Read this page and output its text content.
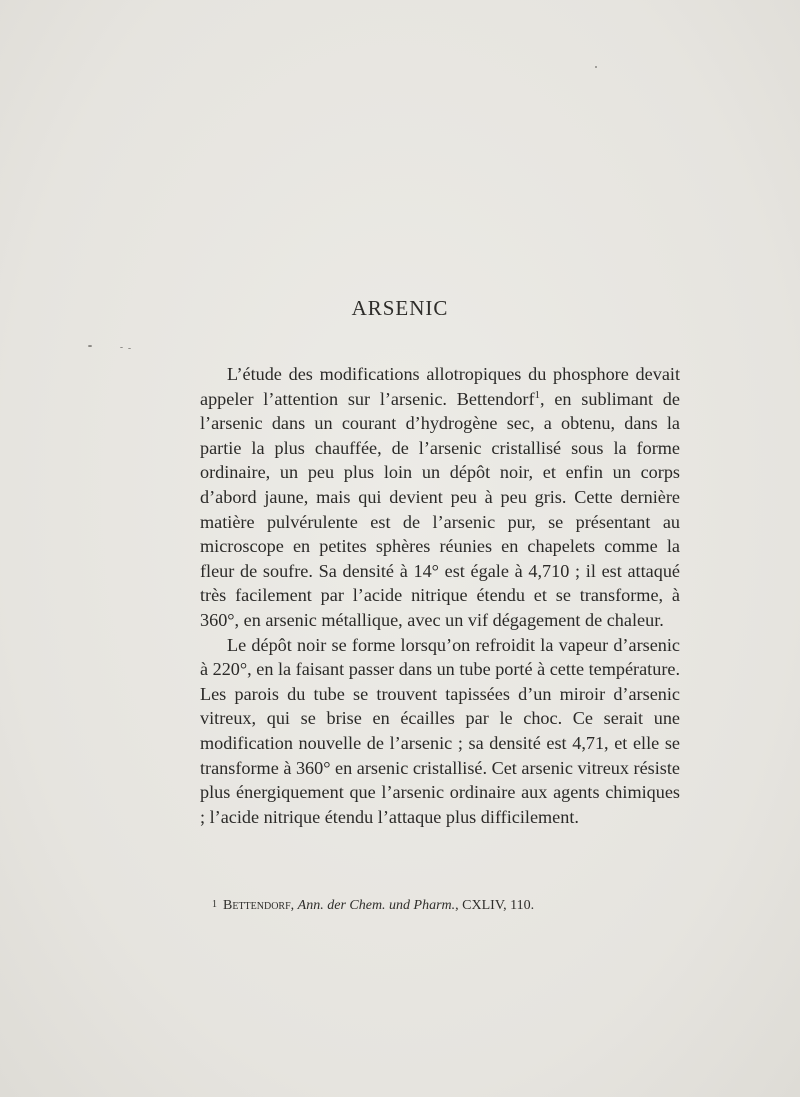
ARSENIC

L’étude des modifications allotropiques du phosphore devait appeler l’attention sur l’arsenic. Bettendorf$^1$, en sublimant de l’arsenic dans un courant d’hydrogène sec, a obtenu, dans la partie la plus chauffée, de l’arsenic cristallisé sous la forme ordinaire, un peu plus loin un dépôt noir, et enfin un corps d’abord jaune, mais qui devient peu à peu gris. Cette dernière matière pulvérulente est de l’arsenic pur, se présentant au microscope en petites sphères réunies en chapelets comme la fleur de soufre. Sa densité à 14° est égale à 4,710 ; il est attaqué très facilement par l’acide nitrique étendu et se transforme, à 360°, en arsenic métallique, avec un vif dégagement de chaleur.

Le dépôt noir se forme lorsqu’on refroidit la vapeur d’arsenic à 220°, en la faisant passer dans un tube porté à cette température. Les parois du tube se trouvent tapissées d’un miroir d’arsenic vitreux, qui se brise en écailles par le choc. Ce serait une modification nouvelle de l’arsenic ; sa densité est 4,71, et elle se transforme à 360° en arsenic cristallisé. Cet arsenic vitreux résiste plus énergiquement que l’arsenic ordinaire aux agents chimiques ; l’acide nitrique étendu l’attaque plus difficilement.

1 Bettendorf, Ann. der Chem. und Pharm., CXLIV, 110.
